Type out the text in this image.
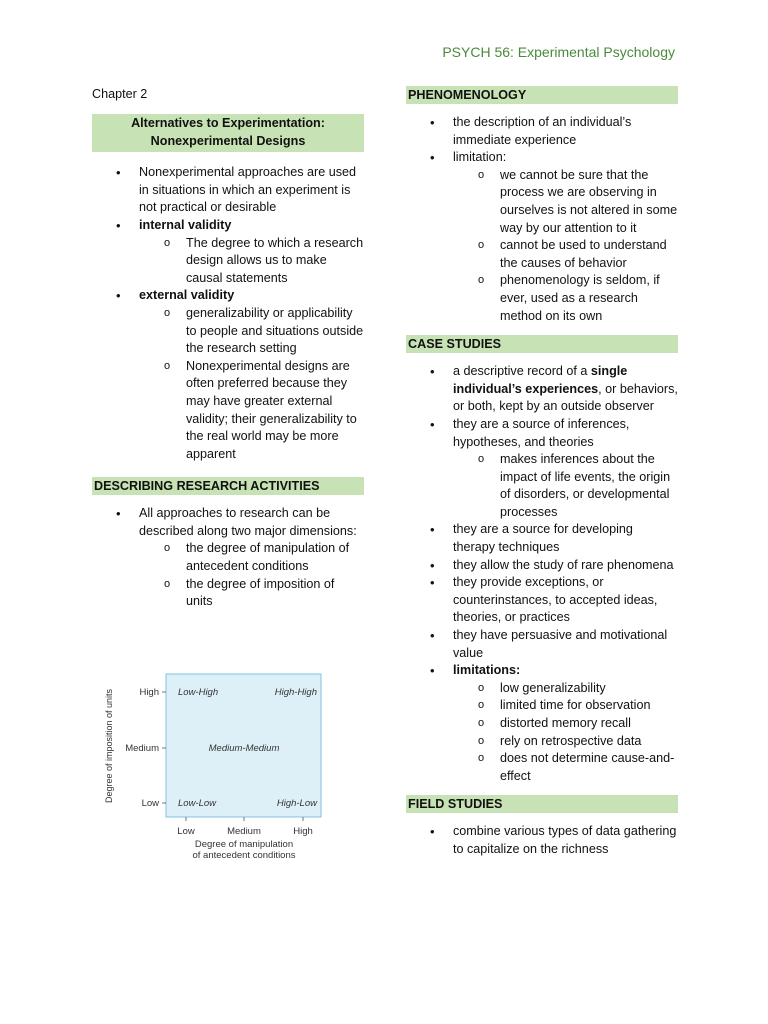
PSYCH 56: Experimental Psychology
Chapter 2
Alternatives to Experimentation:
Nonexperimental Designs
• Nonexperimental approaches are used in situations in which an experiment is not practical or desirable
• internal validity
o The degree to which a research design allows us to make causal statements
• external validity
o generalizability or applicability to people and situations outside the research setting
o Nonexperimental designs are often preferred because they may have greater external validity; their generalizability to the real world may be more apparent
DESCRIBING RESEARCH ACTIVITIES
• All approaches to research can be described along two major dimensions:
o the degree of manipulation of antecedent conditions
o the degree of imposition of units
Degree of imposition of units	High
Medium
Low
Low	Medium	High
Degree of manipulation
of antecedent conditions
Low-High	High-High
Medium-Medium
Low-Low	High-Low
PHENOMENOLOGY
• the description of an individual’s immediate experience
• limitation:
o we cannot be sure that the process we are observing in ourselves is not altered in some way by our attention to it
o cannot be used to understand the causes of behavior
o phenomenology is seldom, if ever, used as a research method on its own
CASE STUDIES
• a descriptive record of a single individual’s experiences, or behaviors, or both, kept by an outside observer
• they are a source of inferences, hypotheses, and theories
o makes inferences about the impact of life events, the origin of disorders, or developmental processes
• they are a source for developing therapy techniques
• they allow the study of rare phenomena
• they provide exceptions, or counterinstances, to accepted ideas, theories, or practices
• they have persuasive and motivational value
• limitations:
o low generalizability
o limited time for observation
o distorted memory recall
o rely on retrospective data
o does not determine cause-and-effect
FIELD STUDIES
• combine various types of data gathering to capitalize on the richness
